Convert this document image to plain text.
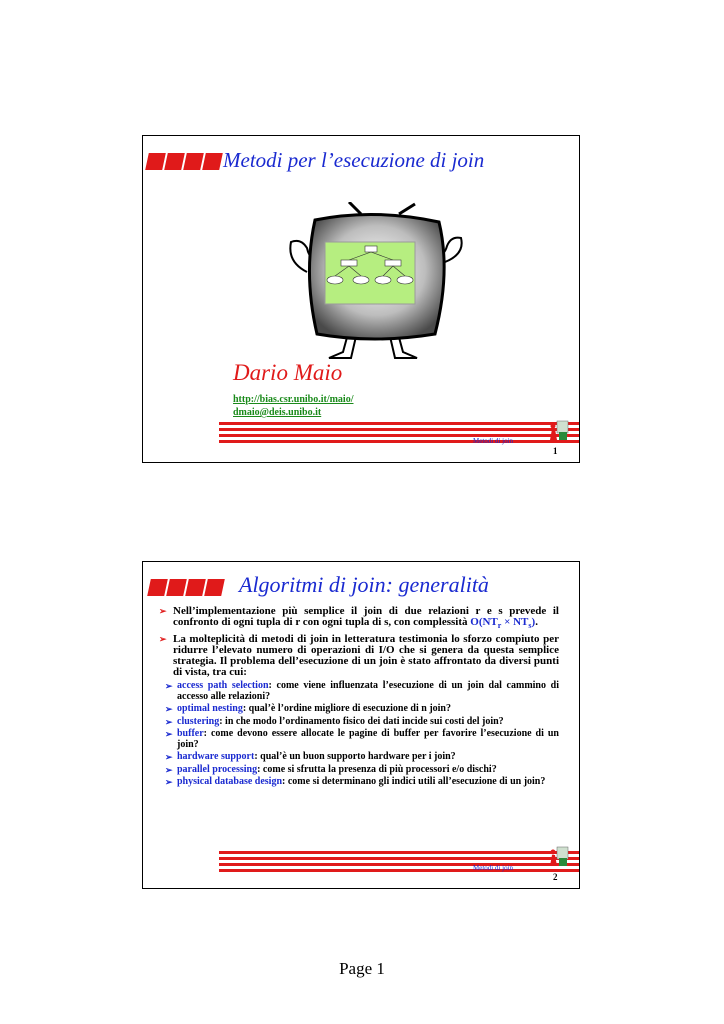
Metodi per l’esecuzione di join
Dario Maio
http://bias.csr.unibo.it/maio/
dmaio@deis.unibo.it
Metodi di join
1
Algoritmi di join: generalità
➢ Nell’implementazione più semplice il join di due relazioni r e s prevede il confronto di ogni tupla di r con ogni tupla di s, con complessità $O(NT_r \times NT_s)$.
➢ La molteplicità di metodi di join in letteratura testimonia lo sforzo compiuto per ridurre l’elevato numero di operazioni di I/O che si genera da questa semplice strategia. Il problema dell’esecuzione di un join è stato affrontato da diversi punti di vista, tra cui:
➢ access path selection: come viene influenzata l’esecuzione di un join dal cammino di accesso alle relazioni?
➢ optimal nesting: qual’è l’ordine migliore di esecuzione di n join?
➢ clustering: in che modo l’ordinamento fisico dei dati incide sui costi del join?
➢ buffer: come devono essere allocate le pagine di buffer per favorire l’esecuzione di un join?
➢ hardware support: qual’è un buon supporto hardware per i join?
➢ parallel processing: come si sfrutta la presenza di più processori e/o dischi?
➢ physical database design: come si determinano gli indici utili all’esecuzione di un join?
Metodi di join
2
Page 1
